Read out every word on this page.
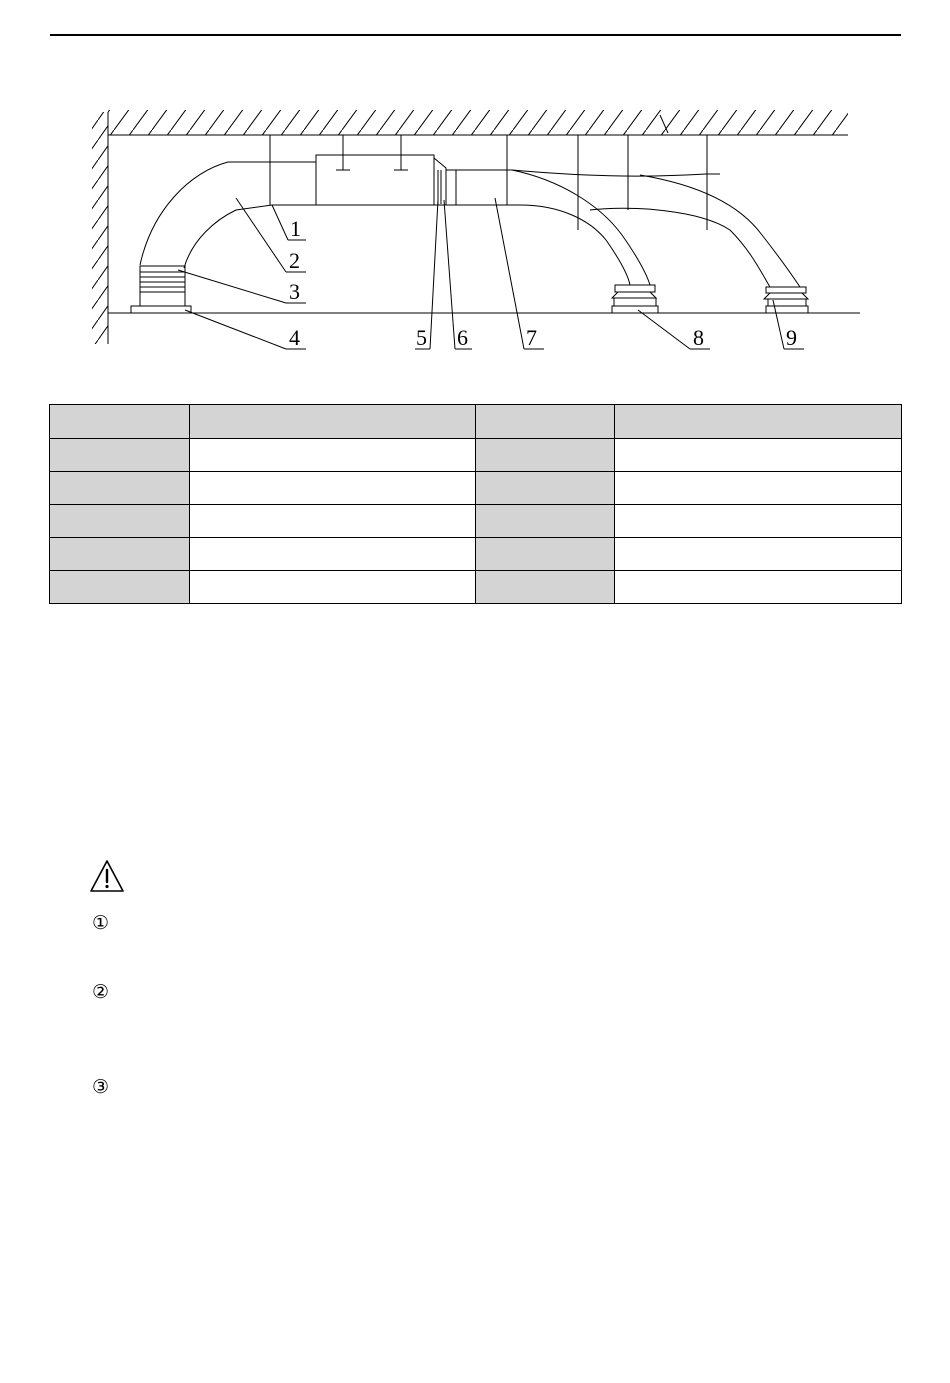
1
2
3
4	5 6	7	8	9

①
②
③
